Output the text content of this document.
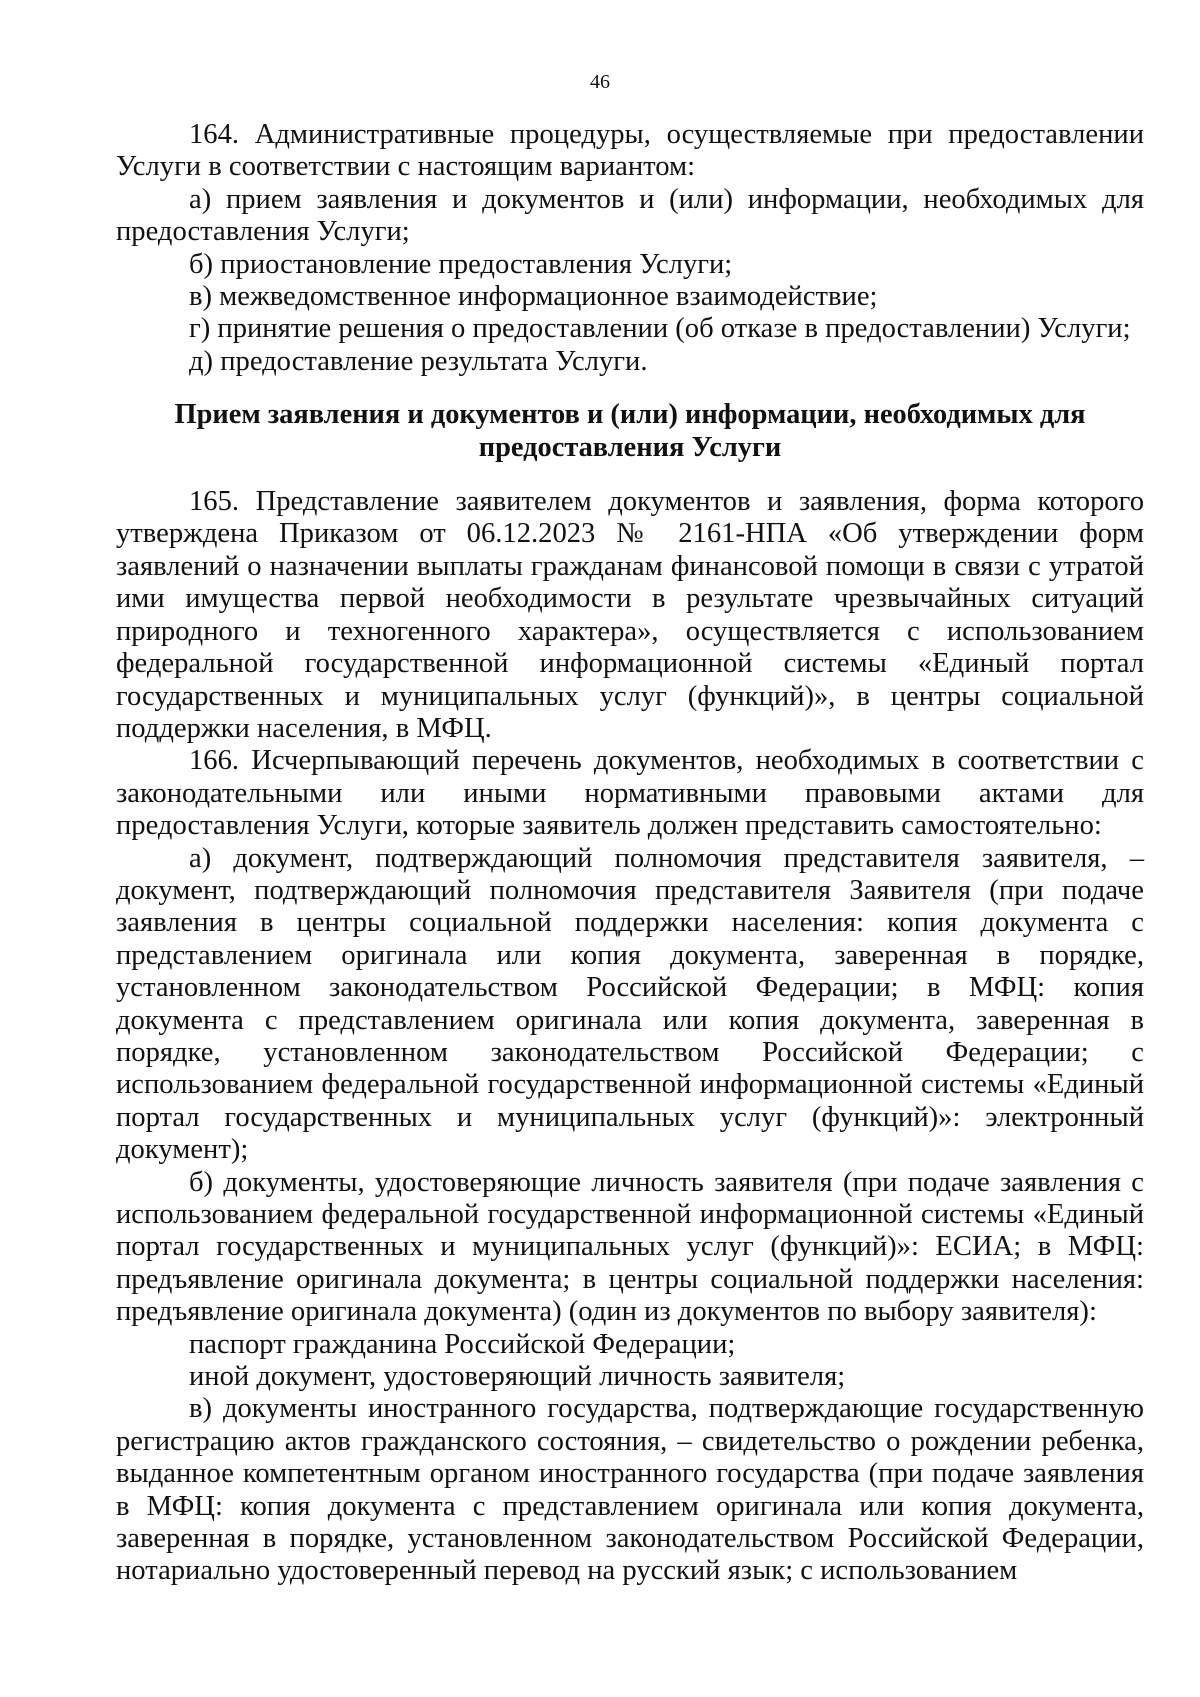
46

164. Административные процедуры, осуществляемые при предоставлении Услуги в соответствии с настоящим вариантом:

а) прием заявления и документов и (или) информации, необходимых для предоставления Услуги;

б) приостановление предоставления Услуги;

в) межведомственное информационное взаимодействие;

г) принятие решения о предоставлении (об отказе в предоставлении) Услуги;

д) предоставление результата Услуги.

Прием заявления и документов и (или) информации, необходимых для
предоставления Услуги

165. Представление заявителем документов и заявления, форма которого утверждена Приказом от 06.12.2023 № 2161-НПА «Об утверждении форм заявлений о назначении выплаты гражданам финансовой помощи в связи с утратой ими имущества первой необходимости в результате чрезвычайных ситуаций природного и техногенного характера», осуществляется с использованием федеральной государственной информационной системы «Единый портал государственных и муниципальных услуг (функций)», в центры социальной поддержки населения, в МФЦ.

166. Исчерпывающий перечень документов, необходимых в соответствии с законодательными или иными нормативными правовыми актами для предоставления Услуги, которые заявитель должен представить самостоятельно:

а) документ, подтверждающий полномочия представителя заявителя, – документ, подтверждающий полномочия представителя Заявителя (при подаче заявления в центры социальной поддержки населения: копия документа с представлением оригинала или копия документа, заверенная в порядке, установленном законодательством Российской Федерации; в МФЦ: копия документа с представлением оригинала или копия документа, заверенная в порядке, установленном законодательством Российской Федерации; с использованием федеральной государственной информационной системы «Единый портал государственных и муниципальных услуг (функций)»: электронный документ);

б) документы, удостоверяющие личность заявителя (при подаче заявления с использованием федеральной государственной информационной системы «Единый портал государственных и муниципальных услуг (функций)»: ЕСИА; в МФЦ: предъявление оригинала документа; в центры социальной поддержки населения: предъявление оригинала документа) (один из документов по выбору заявителя):

паспорт гражданина Российской Федерации;

иной документ, удостоверяющий личность заявителя;

в) документы иностранного государства, подтверждающие государственную регистрацию актов гражданского состояния, – свидетельство о рождении ребенка, выданное компетентным органом иностранного государства (при подаче заявления в МФЦ: копия документа с представлением оригинала или копия документа, заверенная в порядке, установленном законодательством Российской Федерации, нотариально удостоверенный перевод на русский язык; с использованием
